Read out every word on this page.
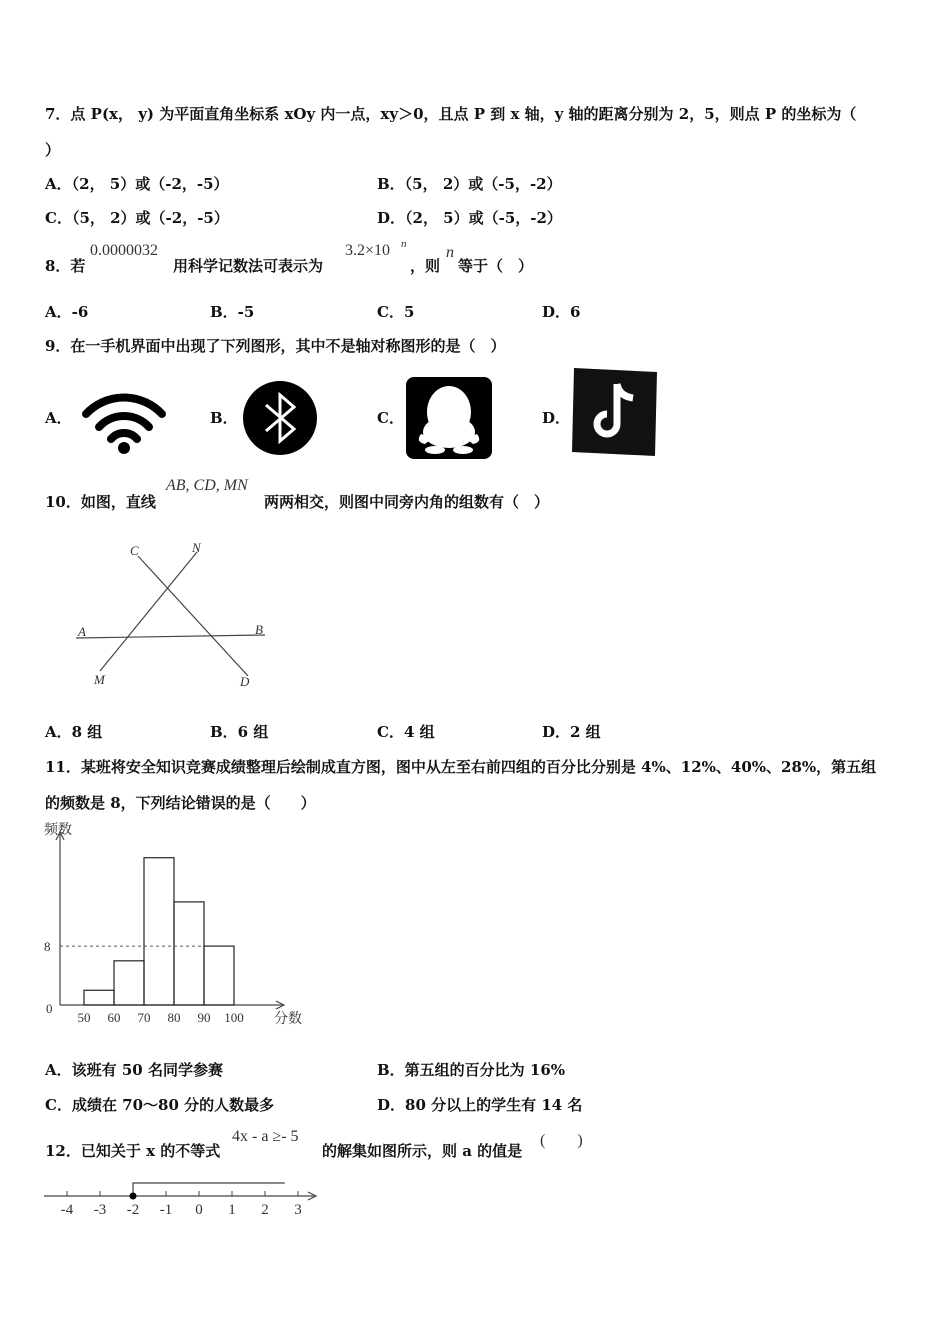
7．点 P(x， y) 为平面直角坐标系 xOy 内一点，xy＞0，且点 P 到 x 轴，y 轴的距离分别为 2，5，则点 P 的坐标为（
）
A．（2， 5）或（-2，-5）	B．（5， 2）或（-5，-2）
C．（5， 2）或（-2，-5）	D．（2， 5）或（-5，-2）
8．若
0.0000032
用科学记数法可表示为
3.2×10 n
，则
n
等于（　）
A．-6	B．-5	C．5	D．6
9．在一手机界面中出现了下列图形，其中不是轴对称图形的是（　）
A．	B．	C．	D．
10．如图，直线
AB, CD, MN
两两相交，则图中同旁内角的组数有（　）
A	B
C
D
M
N
A．8 组	B．6 组	C．4 组	D．2 组
11．某班将安全知识竞赛成绩整理后绘制成直方图，图中从左至右前四组的百分比分别是 4%、12%、40%、28%，第五组
的频数是 8，下列结论错误的是（　　）
频数
分数
8
0
50 60 70 80 90 100
A．该班有 50 名同学参赛	B．第五组的百分比为 16%
C．成绩在 70～80 分的人数最多	D．80 分以上的学生有 14 名
12．已知关于 x 的不等式
4x - a ≥- 5
的解集如图所示，则 a 的值是
(　　)
-4 -3 -2 -1 0 1 2 3
